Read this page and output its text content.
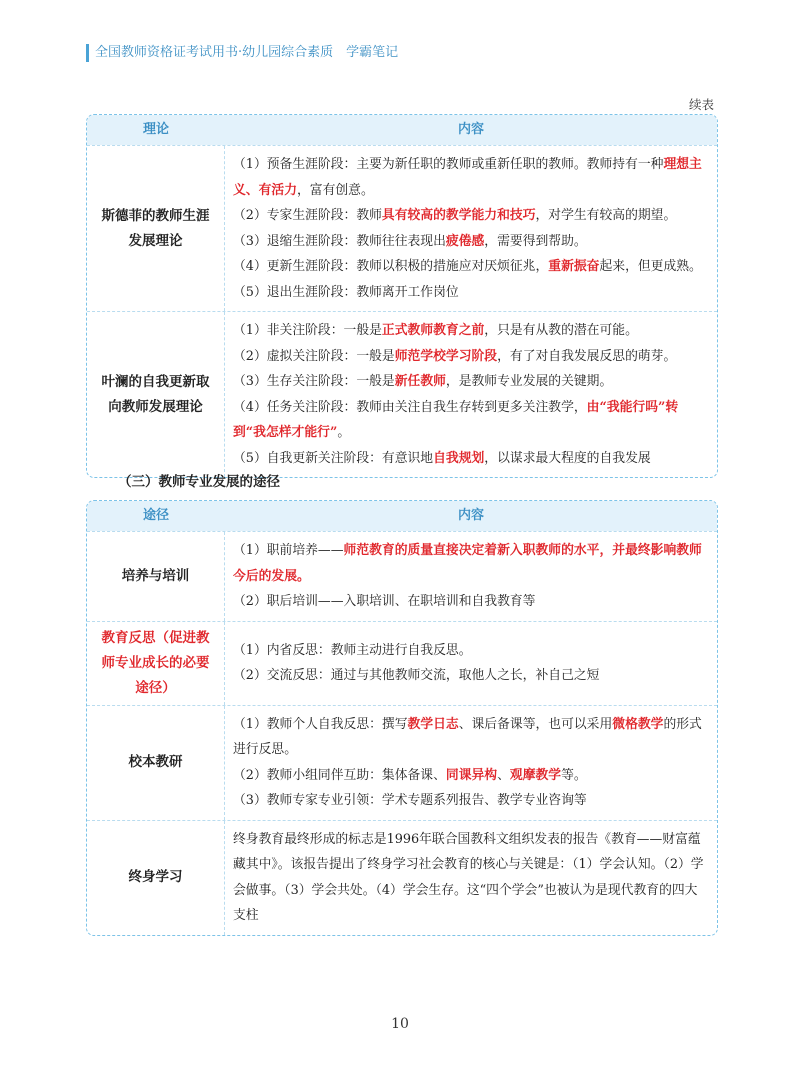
全国教师资格证考试用书·幼儿园综合素质　学霸笔记
续表
理论	内容
斯德菲的教师生涯发展理论
（1）预备生涯阶段：主要为新任职的教师或重新任职的教师。教师持有一种理想主义、有活力，富有创意。
（2）专家生涯阶段：教师具有较高的教学能力和技巧，对学生有较高的期望。
（3）退缩生涯阶段：教师往往表现出疲倦感，需要得到帮助。
（4）更新生涯阶段：教师以积极的措施应对厌烦征兆，重新振奋起来，但更成熟。
（5）退出生涯阶段：教师离开工作岗位
叶澜的自我更新取向教师发展理论
（1）非关注阶段：一般是正式教师教育之前，只是有从教的潜在可能。
（2）虚拟关注阶段：一般是师范学校学习阶段，有了对自我发展反思的萌芽。
（3）生存关注阶段：一般是新任教师，是教师专业发展的关键期。
（4）任务关注阶段：教师由关注自我生存转到更多关注教学，由“我能行吗”转到“我怎样才能行”。
（5）自我更新关注阶段：有意识地自我规划，以谋求最大程度的自我发展
（三）教师专业发展的途径
途径	内容
培养与培训
（1）职前培养——师范教育的质量直接决定着新入职教师的水平，并最终影响教师今后的发展。
（2）职后培训——入职培训、在职培训和自我教育等
教育反思（促进教师专业成长的必要途径）
（1）内省反思：教师主动进行自我反思。
（2）交流反思：通过与其他教师交流，取他人之长，补自己之短
校本教研
（1）教师个人自我反思：撰写教学日志、课后备课等，也可以采用微格教学的形式进行反思。
（2）教师小组同伴互助：集体备课、同课异构、观摩教学等。
（3）教师专家专业引领：学术专题系列报告、教学专业咨询等
终身学习
终身教育最终形成的标志是1996年联合国教科文组织发表的报告《教育——财富蕴藏其中》。该报告提出了终身学习社会教育的核心与关键是：（1）学会认知。（2）学会做事。（3）学会共处。（4）学会生存。这“四个学会”也被认为是现代教育的四大支柱
10
